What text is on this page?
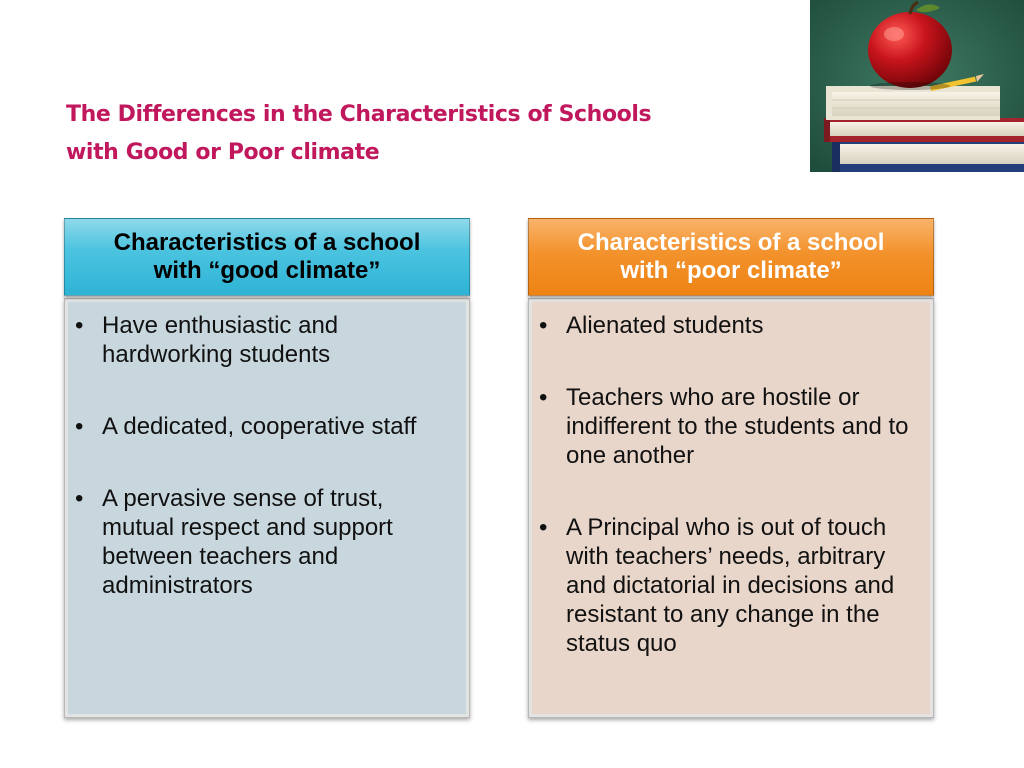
The Differences in the Characteristics of Schools
with Good or Poor climate
Characteristics of a school
with “good climate”
• Have enthusiastic and hardworking students
• A dedicated, cooperative staff
• A pervasive sense of trust, mutual respect and support between teachers and administrators
Characteristics of a school
with “poor climate”
• Alienated students
• Teachers who are hostile or indifferent to the students and to one another
• A Principal who is out of touch with teachers’ needs, arbitrary and dictatorial in decisions and resistant to any change in the status quo
